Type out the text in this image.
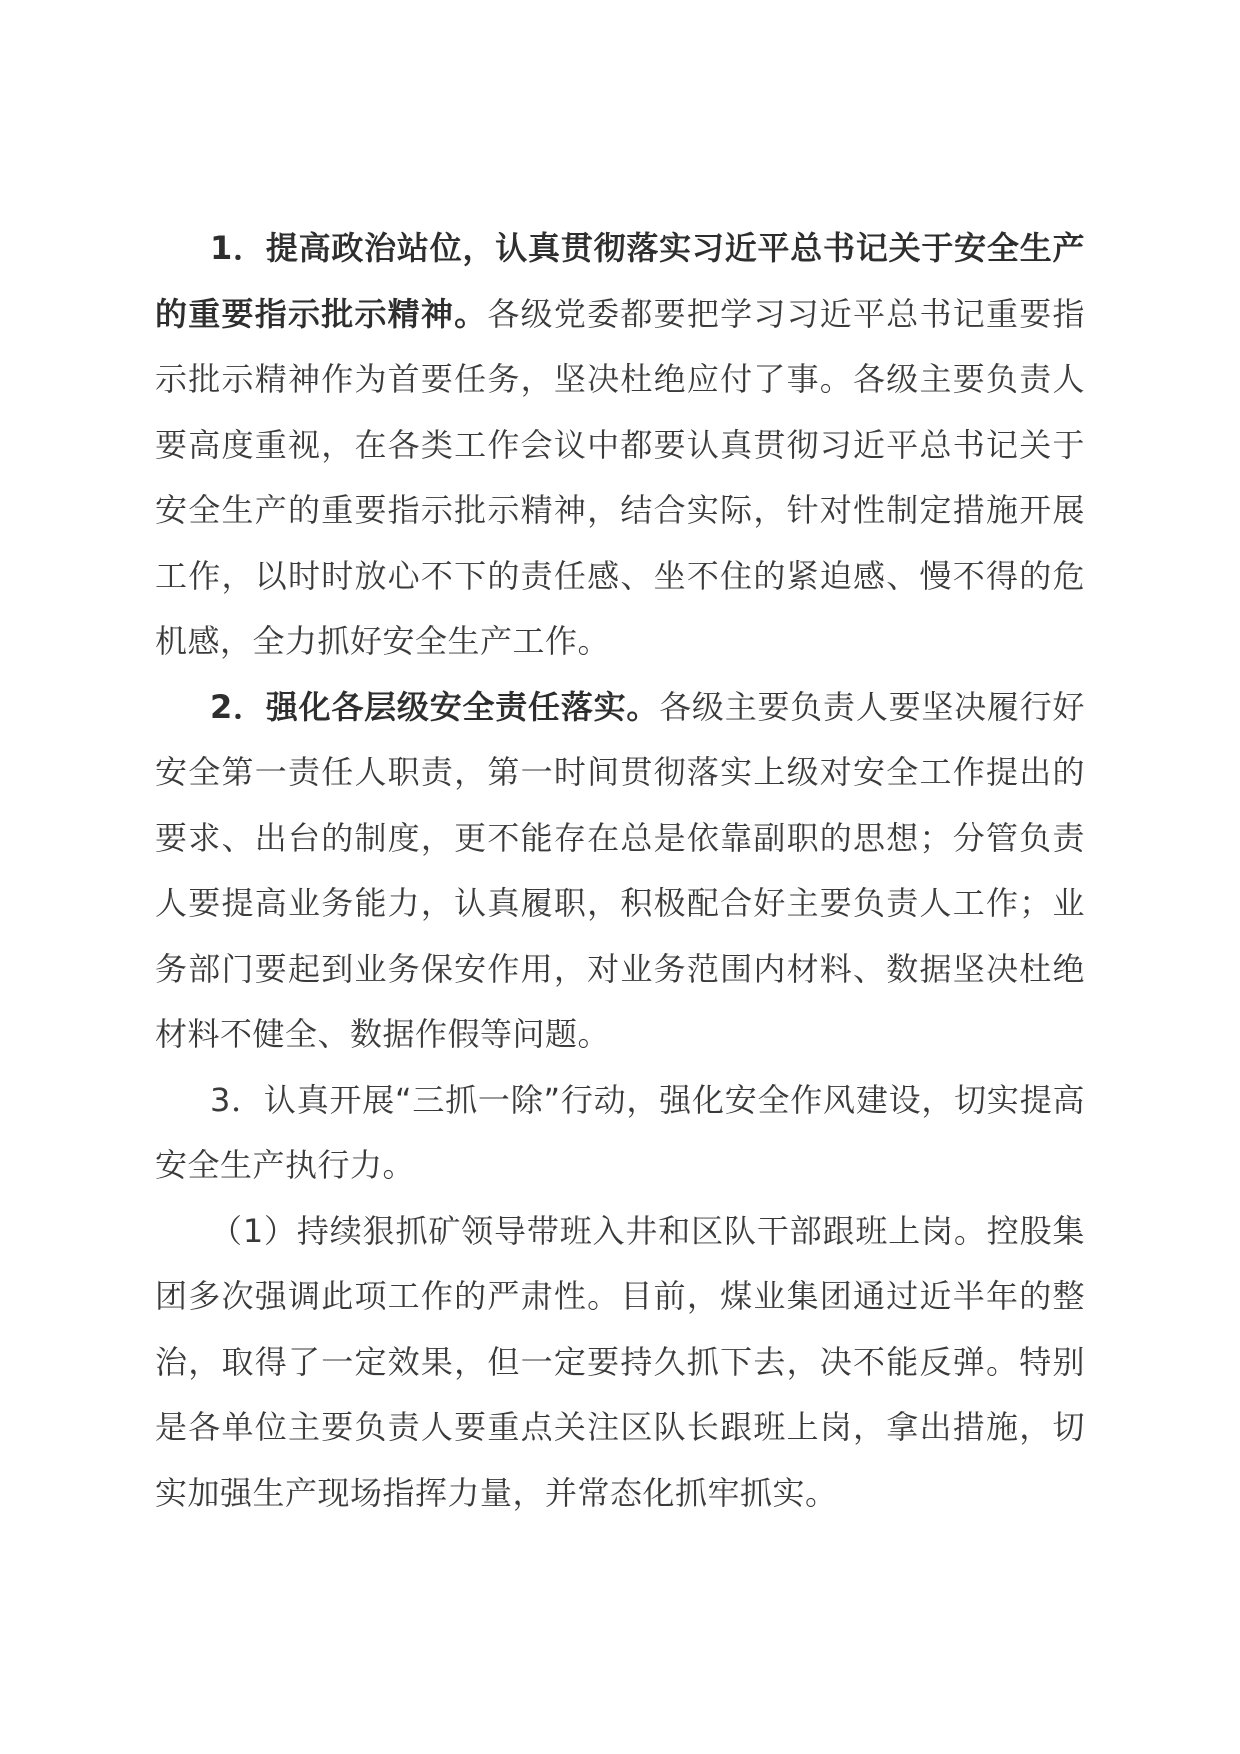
1．提高政治站位，认真贯彻落实习近平总书记关于安全生产的重要指示批示精神。各级党委都要把学习习近平总书记重要指示批示精神作为首要任务，坚决杜绝应付了事。各级主要负责人要高度重视，在各类工作会议中都要认真贯彻习近平总书记关于安全生产的重要指示批示精神，结合实际，针对性制定措施开展工作，以时时放心不下的责任感、坐不住的紧迫感、慢不得的危机感，全力抓好安全生产工作。

2．强化各层级安全责任落实。各级主要负责人要坚决履行好安全第一责任人职责，第一时间贯彻落实上级对安全工作提出的要求、出台的制度，更不能存在总是依靠副职的思想；分管负责人要提高业务能力，认真履职，积极配合好主要负责人工作；业务部门要起到业务保安作用，对业务范围内材料、数据坚决杜绝材料不健全、数据作假等问题。

3．认真开展“三抓一除”行动，强化安全作风建设，切实提高安全生产执行力。

（1）持续狠抓矿领导带班入井和区队干部跟班上岗。控股集团多次强调此项工作的严肃性。目前，煤业集团通过近半年的整治，取得了一定效果，但一定要持久抓下去，决不能反弹。特别是各单位主要负责人要重点关注区队长跟班上岗，拿出措施，切实加强生产现场指挥力量，并常态化抓牢抓实。
